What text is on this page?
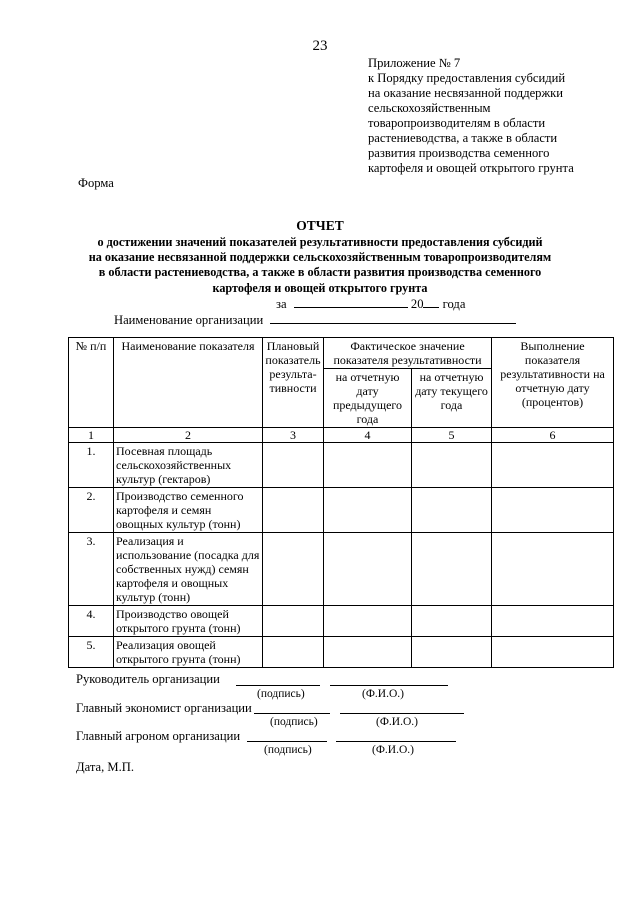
23
Приложение № 7
к Порядку предоставления субсидий
на оказание несвязанной поддержки
сельскохозяйственным
товаропроизводителям в области
растениеводства, а также в области
развития производства семенного
картофеля и овощей открытого грунта
Форма
ОТЧЕТ
о достижении значений показателей результативности предоставления субсидий
на оказание несвязанной поддержки сельскохозяйственным товаропроизводителям
в области растениеводства, а также в области развития производства семенного
картофеля и овощей открытого грунта
за	20 года
Наименование организации
№ п/п	Наименование показателя	Плановый показатель результа-тивности	Фактическое значение показателя результативности		Выполнение показателя результативности на отчетную дату (процентов)
			на отчетную дату предыдущего года	на отчетную дату текущего года	
1	2	3	4	5	6
1.	Посевная площадь сельскохозяйственных культур (гектаров)				
2.	Производство семенного картофеля и семян овощных культур (тонн)				
3.	Реализация и использование (посадка для собственных нужд) семян картофеля и овощных культур (тонн)				
4.	Производство овощей открытого грунта (тонн)				
5.	Реализация овощей открытого грунта (тонн)				
Руководитель организации
(подпись)	(Ф.И.О.)
Главный экономист организации
(подпись)	(Ф.И.О.)
Главный агроном организации
(подпись)	(Ф.И.О.)
Дата, М.П.
